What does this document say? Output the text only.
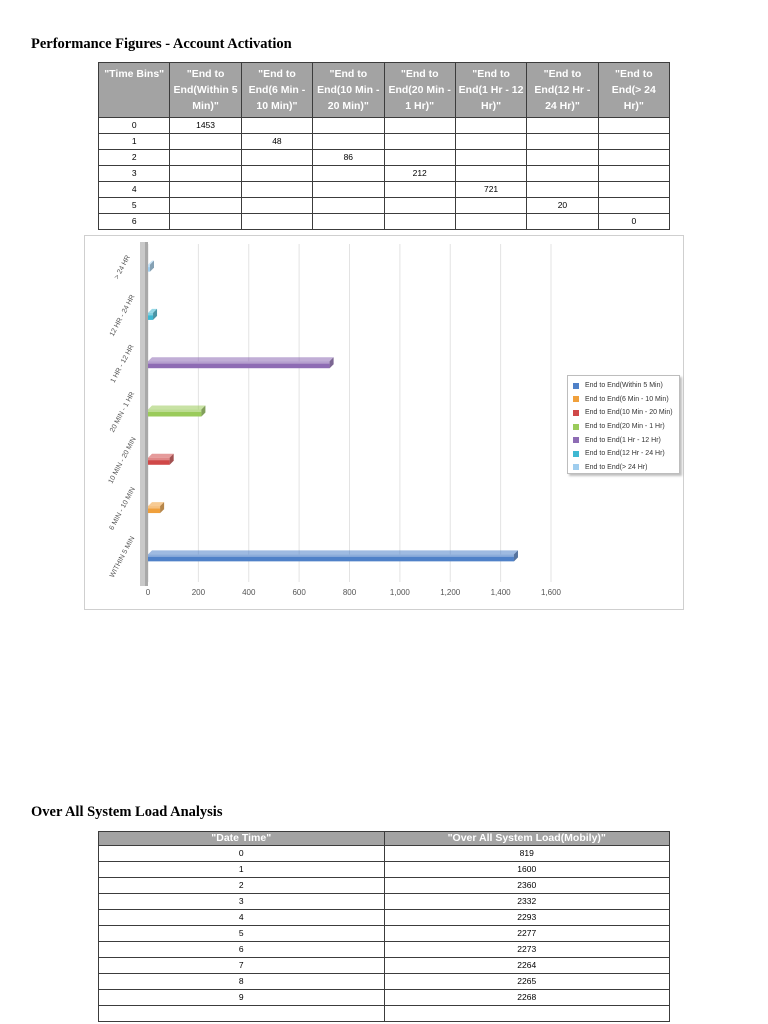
Performance Figures - Account Activation
"Time Bins"	"End to End(Within 5 Min)"	"End to End(6 Min - 10 Min)"	"End to End(10 Min - 20 Min)"	"End to End(20 Min - 1 Hr)"	"End to End(1 Hr - 12 Hr)"	"End to End(12 Hr - 24 Hr)"	"End to End(> 24 Hr)"
0	1453						
1		48					
2			86				
3				212			
4					721		
5						20	
6							0
0	200	400	600	800	1,000	1,200	1,400	1,600
WITHIN 5 MIN
6 MIN - 10 MIN
10 MIN - 20 MIN
20 MIN - 1 HR
1 HR - 12 HR
12 HR - 24 HR
> 24 HR
End to End(Within 5 Min)
End to End(6 Min - 10 Min)
End to End(10 Min - 20 Min)
End to End(20 Min - 1 Hr)
End to End(1 Hr - 12 Hr)
End to End(12 Hr - 24 Hr)
End to End(> 24 Hr)
Over All System Load Analysis
"Date Time"	"Over All System Load(Mobily)"
0	819
1	1600
2	2360
3	2332
4	2293
5	2277
6	2273
7	2264
8	2265
9	2268
